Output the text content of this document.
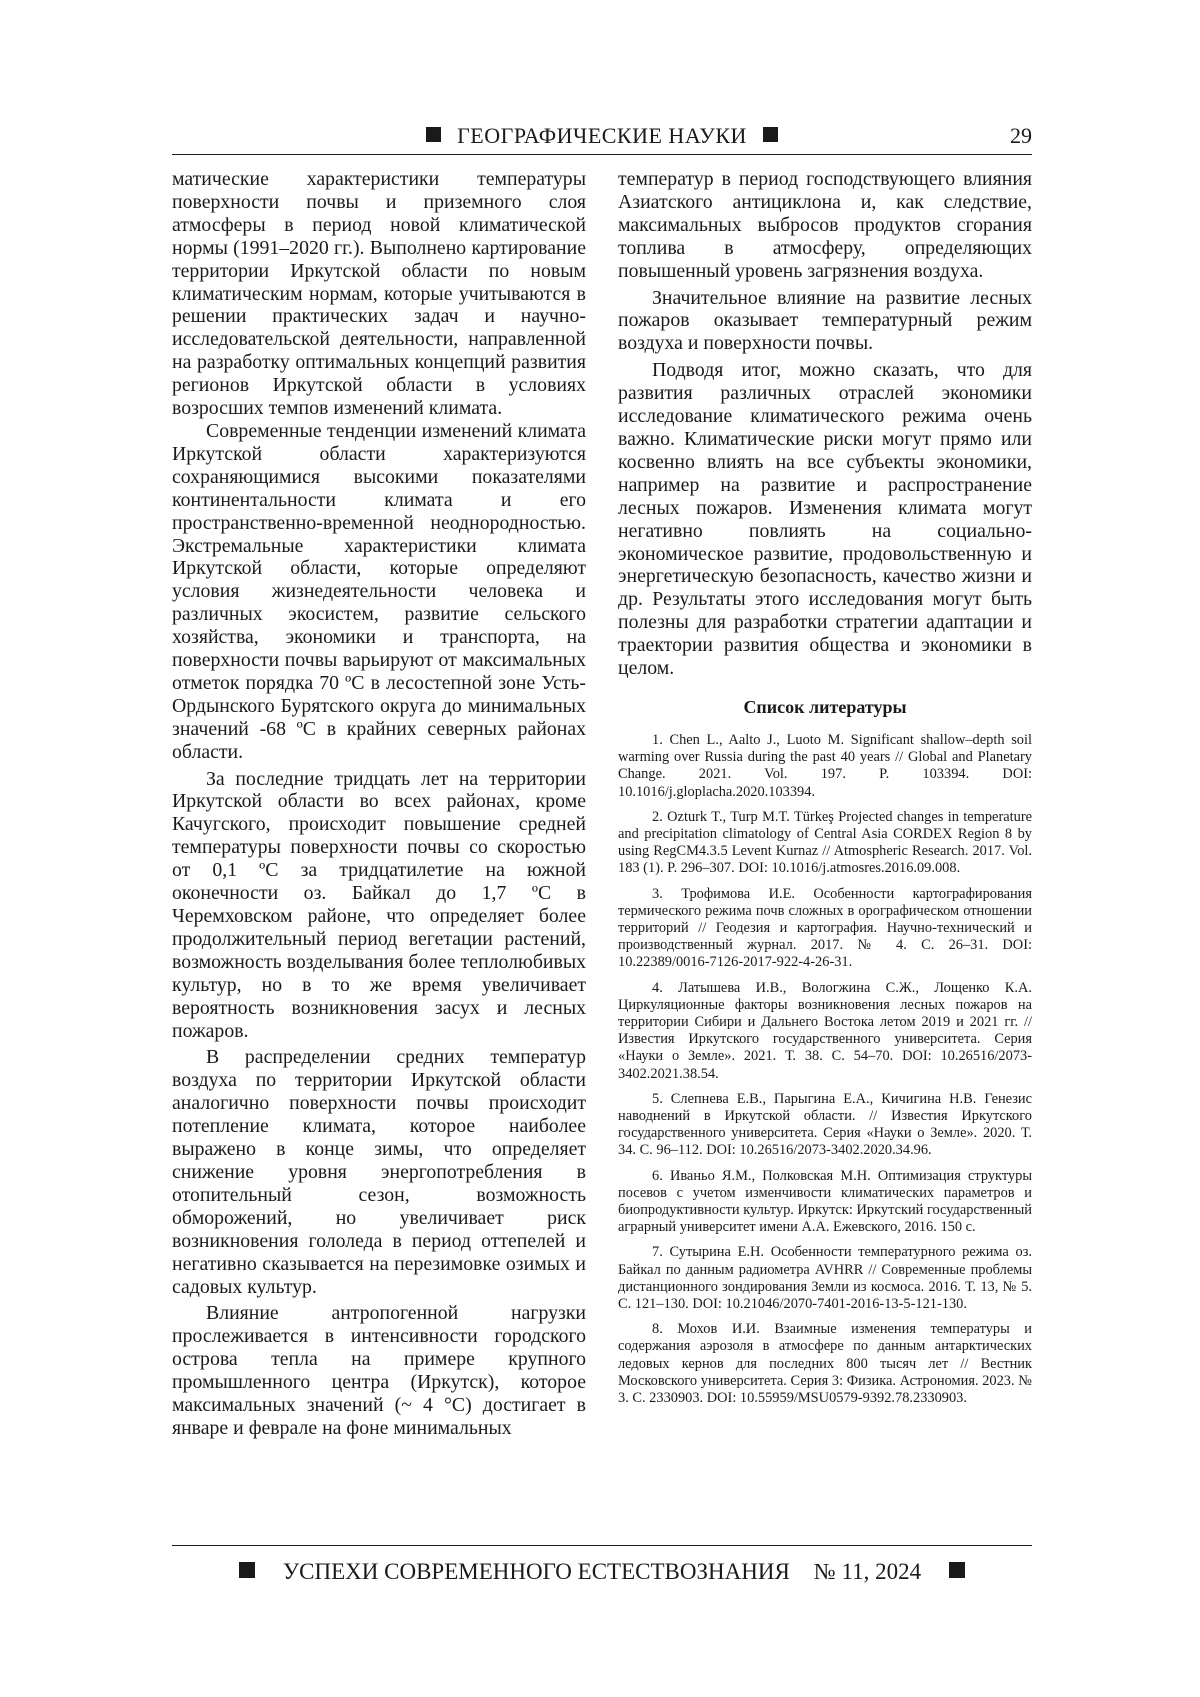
ГЕОГРАФИЧЕСКИЕ НАУКИ	29

матические характеристики температуры поверхности почвы и приземного слоя атмосферы в период новой климатической нормы (1991–2020 гг.). Выполнено картирование территории Иркутской области по новым климатическим нормам, которые учитываются в решении практических задач и научно-исследовательской деятельности, направленной на разработку оптимальных концепций развития регионов Иркутской области в условиях возросших темпов изменений климата.

Современные тенденции изменений климата Иркутской области характеризуются сохраняющимися высокими показателями континентальности климата и его пространственно-временной неоднородностью. Экстремальные характеристики климата Иркутской области, которые определяют условия жизнедеятельности человека и различных экосистем, развитие сельского хозяйства, экономики и транспорта, на поверхности почвы варьируют от максимальных отметок порядка 70 ºC в лесостепной зоне Усть-Ордынского Бурятского округа до минимальных значений -68 ºC в крайних северных районах области.

За последние тридцать лет на территории Иркутской области во всех районах, кроме Качугского, происходит повышение средней температуры поверхности почвы со скоростью от 0,1 ºC за тридцатилетие на южной оконечности оз. Байкал до 1,7 ºC в Черемховском районе, что определяет более продолжительный период вегетации растений, возможность возделывания более теплолюбивых культур, но в то же время увеличивает вероятность возникновения засух и лесных пожаров.

В распределении средних температур воздуха по территории Иркутской области аналогично поверхности почвы происходит потепление климата, которое наиболее выражено в конце зимы, что определяет снижение уровня энергопотребления в отопительный сезон, возможность обморожений, но увеличивает риск возникновения гололеда в период оттепелей и негативно сказывается на перезимовке озимых и садовых культур.

Влияние антропогенной нагрузки прослеживается в интенсивности городского острова тепла на примере крупного промышленного центра (Иркутск), которое максимальных значений (~ 4 °C) достигает в январе и феврале на фоне минимальных

температур в период господствующего влияния Азиатского антициклона и, как следствие, максимальных выбросов продуктов сгорания топлива в атмосферу, определяющих повышенный уровень загрязнения воздуха.

Значительное влияние на развитие лесных пожаров оказывает температурный режим воздуха и поверхности почвы.

Подводя итог, можно сказать, что для развития различных отраслей экономики исследование климатического режима очень важно. Климатические риски могут прямо или косвенно влиять на все субъекты экономики, например на развитие и распространение лесных пожаров. Изменения климата могут негативно повлиять на социально-экономическое развитие, продовольственную и энергетическую безопасность, качество жизни и др. Результаты этого исследования могут быть полезны для разработки стратегии адаптации и траектории развития общества и экономики в целом.

Список литературы

1. Chen L., Aalto J., Luoto M. Significant shallow–depth soil warming over Russia during the past 40 years // Global and Planetary Change. 2021. Vol. 197. P. 103394. DOI: 10.1016/j.gloplacha.2020.103394.

2. Ozturk T., Turp M.T. Türkeş Projected changes in temperature and precipitation climatology of Central Asia CORDEX Region 8 by using RegCM4.3.5 Levent Kurnaz // Atmospheric Research. 2017. Vol. 183 (1). P. 296–307. DOI: 10.1016/j.atmosres.2016.09.008.

3. Трофимова И.Е. Особенности картографирования термического режима почв сложных в орографическом отношении территорий // Геодезия и картография. Научно-технический и производственный журнал. 2017. № 4. С. 26–31. DOI: 10.22389/0016-7126-2017-922-4-26-31.

4. Латышева И.В., Вологжина С.Ж., Лощенко К.А. Циркуляционные факторы возникновения лесных пожаров на территории Сибири и Дальнего Востока летом 2019 и 2021 гг. // Известия Иркутского государственного университета. Серия «Науки о Земле». 2021. Т. 38. С. 54–70. DOI: 10.26516/2073-3402.2021.38.54.

5. Слепнева Е.В., Парыгина Е.А., Кичигина Н.В. Генезис наводнений в Иркутской области. // Известия Иркутского государственного университета. Серия «Науки о Земле». 2020. Т. 34. С. 96–112. DOI: 10.26516/2073-3402.2020.34.96.

6. Иваньо Я.М., Полковская М.Н. Оптимизация структуры посевов с учетом изменчивости климатических параметров и биопродуктивности культур. Иркутск: Иркутский государственный аграрный университет имени А.А. Ежевского, 2016. 150 с.

7. Сутырина Е.Н. Особенности температурного режима оз. Байкал по данным радиометра AVHRR // Современные проблемы дистанционного зондирования Земли из космоса. 2016. Т. 13, № 5. С. 121–130. DOI: 10.21046/2070-7401-2016-13-5-121-130.

8. Мохов И.И. Взаимные изменения температуры и содержания аэрозоля в атмосфере по данным антарктических ледовых кернов для последних 800 тысяч лет // Вестник Московского университета. Серия 3: Физика. Астрономия. 2023. № 3. С. 2330903. DOI: 10.55959/MSU0579-9392.78.2330903.

УСПЕХИ СОВРЕМЕННОГО ЕСТЕСТВОЗНАНИЯ № 11, 2024
